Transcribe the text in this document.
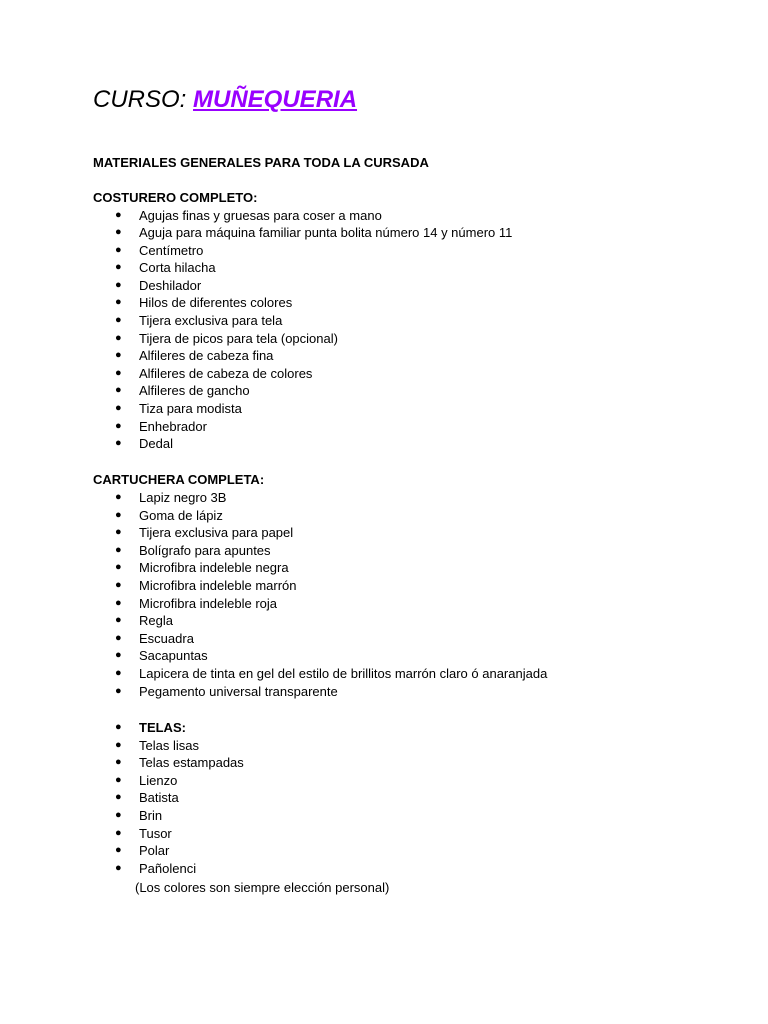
CURSO: MUÑEQUERIA
MATERIALES GENERALES PARA TODA LA CURSADA
COSTURERO COMPLETO:
● Agujas finas y gruesas para coser a mano
● Aguja para máquina familiar punta bolita número 14 y número 11
● Centímetro
● Corta hilacha
● Deshilador
● Hilos de diferentes colores
● Tijera exclusiva para tela
● Tijera de picos para tela (opcional)
● Alfileres de cabeza fina
● Alfileres de cabeza de colores
● Alfileres de gancho
● Tiza para modista
● Enhebrador
● Dedal
CARTUCHERA COMPLETA:
● Lapiz negro 3B
● Goma de lápiz
● Tijera exclusiva para papel
● Bolígrafo para apuntes
● Microfibra indeleble negra
● Microfibra indeleble marrón
● Microfibra indeleble roja
● Regla
● Escuadra
● Sacapuntas
● Lapicera de tinta en gel del estilo de brillitos marrón claro ó anaranjada
● Pegamento universal transparente
● TELAS:
● Telas lisas
● Telas estampadas
● Lienzo
● Batista
● Brin
● Tusor
● Polar
● Pañolenci
(Los colores son siempre elección personal)
